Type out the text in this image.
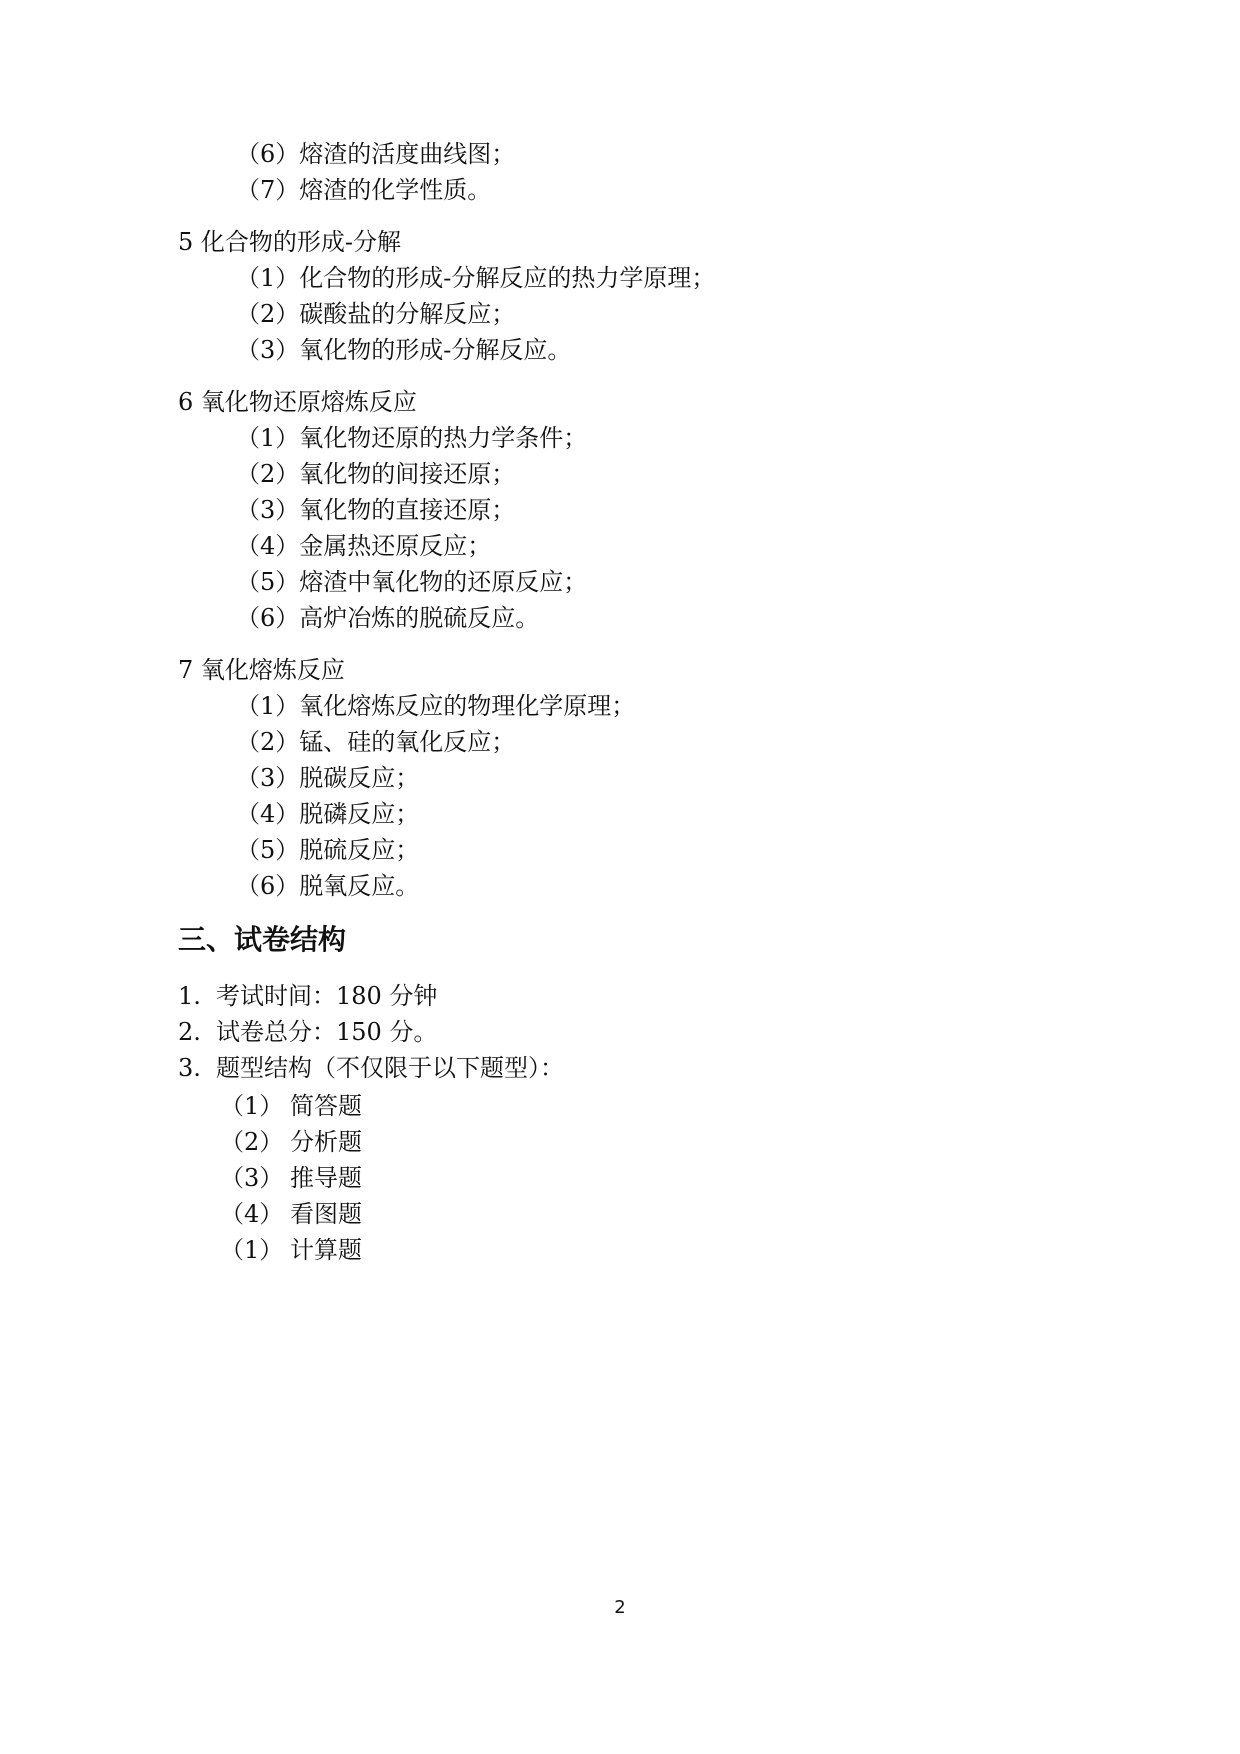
（6）熔渣的活度曲线图；
（7）熔渣的化学性质。
5 化合物的形成-分解
（1）化合物的形成-分解反应的热力学原理；
（2）碳酸盐的分解反应；
（3）氧化物的形成-分解反应。
6 氧化物还原熔炼反应
（1）氧化物还原的热力学条件；
（2）氧化物的间接还原；
（3）氧化物的直接还原；
（4）金属热还原反应；
（5）熔渣中氧化物的还原反应；
（6）高炉冶炼的脱硫反应。
7 氧化熔炼反应
（1）氧化熔炼反应的物理化学原理；
（2）锰、硅的氧化反应；
（3）脱碳反应；
（4）脱磷反应；
（5）脱硫反应；
（6）脱氧反应。
三、试卷结构
1. 考试时间：180 分钟
2. 试卷总分：150 分。
3. 题型结构（不仅限于以下题型）：
（1） 简答题
（2） 分析题
（3） 推导题
（4） 看图题
（1） 计算题
2
